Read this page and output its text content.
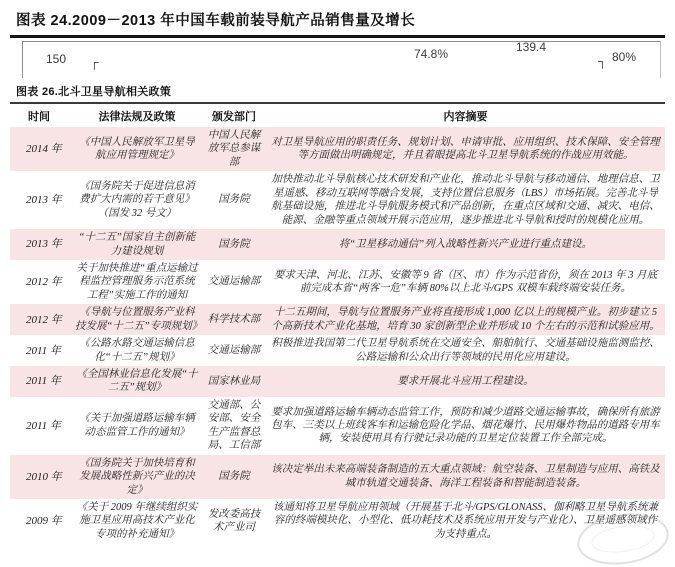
图表 24.2009－2013 年中国车载前装导航产品销售量及增长
150 ┌
74.8%	139.4
┐ 80%
图表 26.北斗卫星导航相关政策
时间	法律法规及政策	颁发部门	内容摘要
2014 年	《中国人民解放军卫星导航应用管理规定》	中国人民解放军总参谋部	对卫星导航应用的职责任务、规划计划、申请审批、应用组织、技术保障、安全管理等方面做出明确规定，并且着眼提高北斗卫星导航系统的作战应用效能。
2013 年	《国务院关于促进信息消费扩大内需的若干意见》（国发 32 号文）	国务院	加快推动北斗导航核心技术研发和产业化，推动北斗导航与移动通信、地理信息、卫星遥感、移动互联网等融合发展，支持位置信息服务（LBS）市场拓展。完善北斗导航基础设施，推进北斗导航服务模式和产品创新，在重点区域和交通、减灾、电信、能源、金融等重点领域开展示范应用，逐步推进北斗导航和授时的规模化应用。
2013 年	“十二五”国家自主创新能力建设规划	国务院	将“卫星移动通信”列入战略性新兴产业进行重点建设。
2012 年	关于加快推进“重点运输过程监控管理服务示范系统工程”实施工作的通知	交通运输部	要求天津、河北、江苏、安徽等 9 省（区、市）作为示范省份，须在 2013 年 3 月底前完成本省“两客一危”车辆 80%以上北斗/GPS 双模车载终端安装任务。
2012 年	《导航与位置服务产业科技发展“十二五”专项规划》	科学技术部	十二五期间，导航与位置服务产业将直接形成 1,000 亿以上的规模产业。初步建立 5 个高新技术产业化基地，培育 30 家创新型企业并形成 10 个左右的示范和试验应用。
2011 年	《公路水路交通运输信息化“十二五”规划》	交通运输部	积极推进我国第二代卫星导航系统在交通安全、船舶航行、交通基础设施监测监控、公路运输和公众出行等领域的民用化应用建设。
2011 年	《全国林业信息化发展“十二五”规划》	国家林业局	要求开展北斗应用工程建设。
2011 年	《关于加强道路运输车辆动态监管工作的通知》	交通部、公安部、安全生产监督总局、工信部	要求加强道路运输车辆动态监管工作，预防和减少道路交通运输事故，确保所有旅游包车、三类以上班线客车和运输危险化学品、烟花爆竹、民用爆炸物品的道路专用车辆，安装使用具有行驶记录功能的卫星定位装置工作全部完成。
2010 年	《国务院关于加快培育和发展战略性新兴产业的决定》	国务院	该决定举出未来高端装备制造的五大重点领域：航空装备、卫星制造与应用、高铁及城市轨道交通装备、海洋工程装备和智能制造装备。
2009 年	《关于 2009 年继续组织实施卫星应用高技术产业化专项的补充通知》	发改委高技术产业司	该通知将卫星导航应用领域（开展基于北斗/GPS/GLONASS、伽利略卫星导航系统兼容的终端模块化、小型化、低功耗技术及系统应用开发与产业化）、卫星遥感领域作为支持重点。
